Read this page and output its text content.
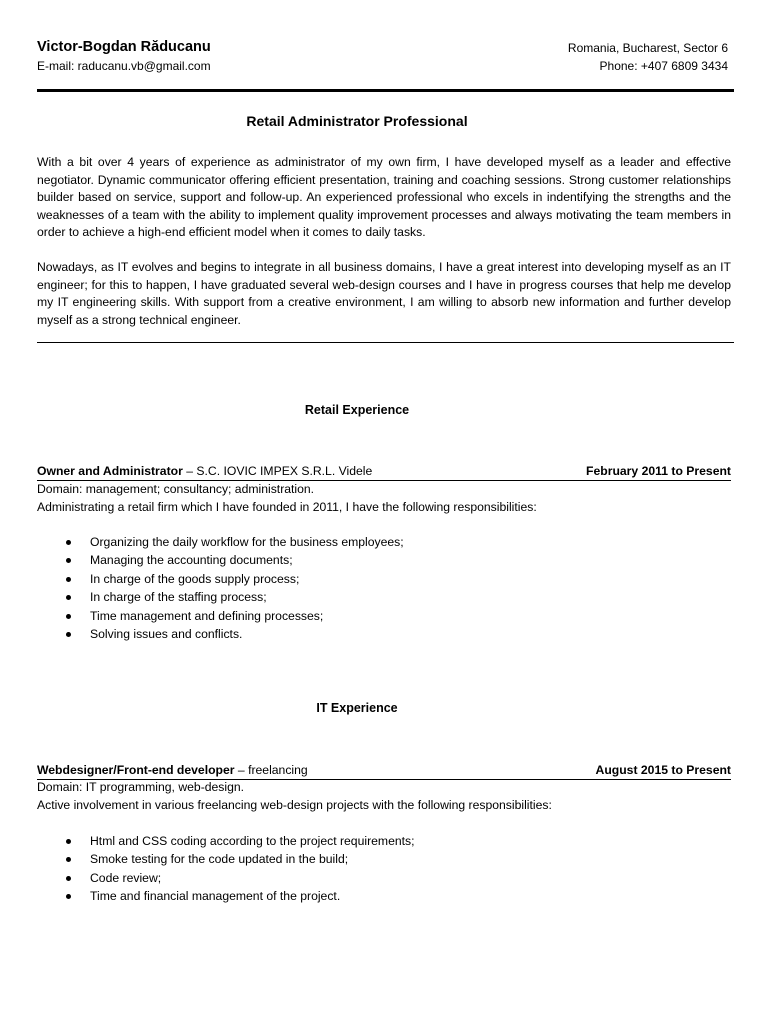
Victor-Bogdan Răducanu
E-mail: raducanu.vb@gmail.com
Romania, Bucharest, Sector 6
Phone: +407 6809 3434
Retail Administrator Professional
With a bit over 4 years of experience as administrator of my own firm, I have developed myself as a leader and effective negotiator. Dynamic communicator offering efficient presentation, training and coaching sessions. Strong customer relationships builder based on service, support and follow-up. An experienced professional who excels in indentifying the strengths and the weaknesses of a team with the ability to implement quality improvement processes and always motivating the team members in order to achieve a high-end efficient model when it comes to daily tasks.
Nowadays, as IT evolves and begins to integrate in all business domains, I have a great interest into developing myself as an IT engineer; for this to happen, I have graduated several web-design courses and I have in progress courses that help me develop my IT engineering skills. With support from a creative environment, I am willing to absorb new information and further develop myself as a strong technical engineer.
Retail Experience
Owner and Administrator – S.C. IOVIC IMPEX S.R.L. Videle	February 2011 to Present
Domain: management; consultancy; administration.
Administrating a retail firm which I have founded in 2011, I have the following responsibilities:
Organizing the daily workflow for the business employees;
Managing the accounting documents;
In charge of the goods supply process;
In charge of the staffing process;
Time management and defining processes;
Solving issues and conflicts.
IT Experience
Webdesigner/Front-end developer – freelancing	August 2015 to Present
Domain: IT programming, web-design.
Active involvement in various freelancing web-design projects with the following responsibilities:
Html and CSS coding according to the project requirements;
Smoke testing for the code updated in the build;
Code review;
Time and financial management of the project.
